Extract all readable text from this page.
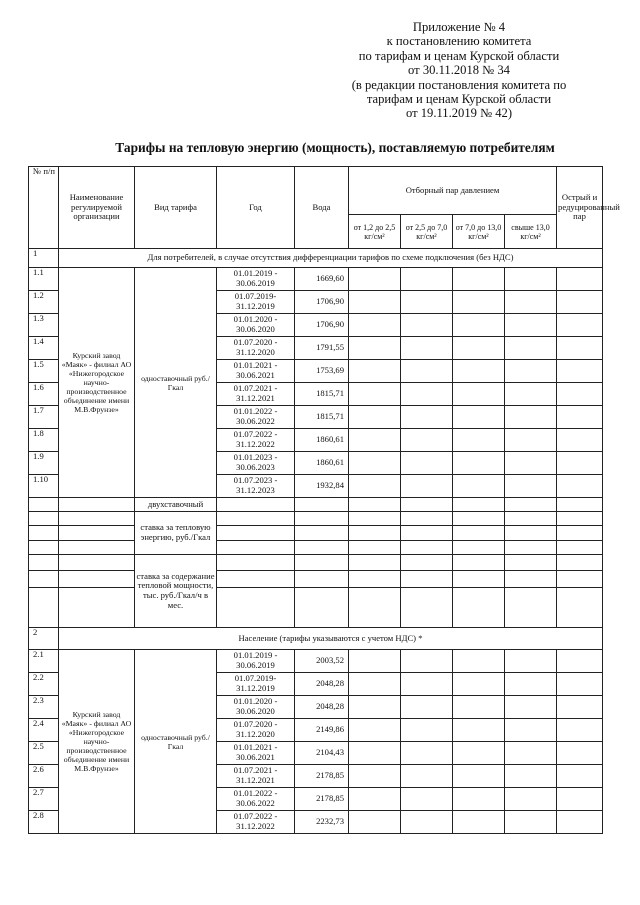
Приложение № 4
к постановлению комитета
по тарифам и ценам Курской области
от 30.11.2018 № 34
(в редакции постановления комитета по
тарифам и ценам Курской области
от 19.11.2019 № 42)
Тарифы на тепловую энергию (мощность), поставляемую потребителям
№ п/п	Наименование регулируемой организации	Вид тарифа	Год	Вода	Отборный пар давлением				Острый и редуцированный пар
					от 1,2 до 2,5 кг/см²	от 2,5 до 7,0 кг/см²	от 7,0 до 13,0 кг/см²	свыше 13,0 кг/см²	
1	Для потребителей, в случае отсутствия дифференциации тарифов по схеме подключения (без НДС)								
1.1	Курский завод «Маяк» - филиал АО «Нижегородское научно-производственное объединение имени М.В.Фрунзе»	одноставочный руб./Гкал	01.01.2019 - 30.06.2019	1669,60					
1.2			01.07.2019- 31.12.2019	1706,90					
1.3			01.01.2020 - 30.06.2020	1706,90					
1.4			01.07.2020 - 31.12.2020	1791,55					
1.5			01.01.2021 - 30.06.2021	1753,69					
1.6			01.07.2021 - 31.12.2021	1815,71					
1.7			01.01.2022 - 30.06.2022	1815,71					
1.8			01.07.2022 - 31.12.2022	1860,61					
1.9			01.01.2023 - 30.06.2023	1860,61					
1.10			01.07.2023 - 31.12.2023	1932,84					
		двухставочный							
		ставка за тепловую энергию, руб./Гкал							

		ставка за содержание тепловой мощности, тыс. руб./Гкал/ч в мес.							

2	Население (тарифы указываются с учетом НДС) *								
2.1	Курский завод «Маяк» - филиал АО «Нижегородское научно-производственное объединение имени М.В.Фрунзе»	одноставочный руб./Гкал	01.01.2019 - 30.06.2019	2003,52					
2.2			01.07.2019- 31.12.2019	2048,28					
2.3			01.01.2020 - 30.06.2020	2048,28					
2.4			01.07.2020 - 31.12.2020	2149,86					
2.5			01.01.2021 - 30.06.2021	2104,43					
2.6			01.07.2021 - 31.12.2021	2178,85					
2.7			01.01.2022 - 30.06.2022	2178,85					
2.8			01.07.2022 - 31.12.2022	2232,73					
